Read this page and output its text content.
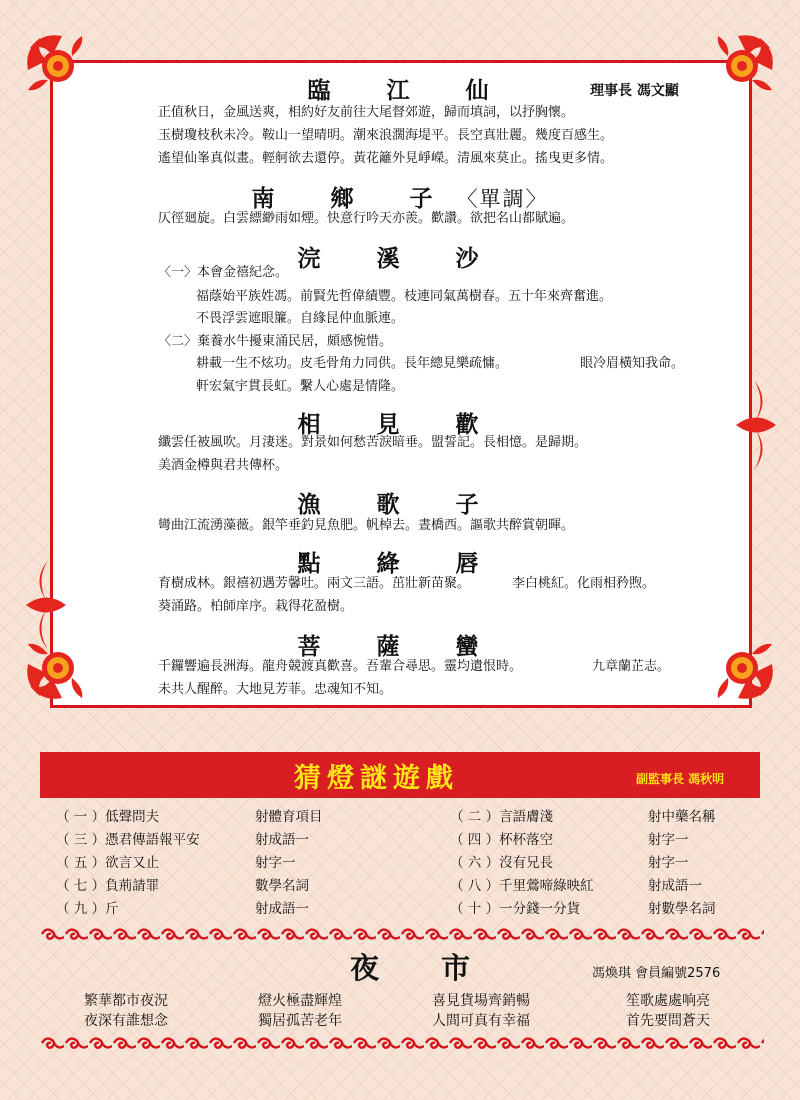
臨 江 仙	理事長 馮文顯
正值秋日，金風送爽，相約好友前往大尾督郊遊，歸而填詞，以抒胸懷。
玉樹瓊枝秋未冷。鞍山一望晴明。潮來浪濶海堤平。長空真壯麗。幾度百感生。
遙望仙峯真似畫。輕舸欲去還停。黃花籬外見崢嶸。清風來莫止。搖曳更多情。
南 鄉 子〈單調〉
仄徑廻旋。白雲縹緲雨如煙。快意行吟天亦羨。歡讚。欲把名山都賦遍。
浣 溪 沙
〈一〉本會金禧紀念。
福蔭始平族姓馮。前賢先哲偉績豐。枝連同氣萬樹春。五十年來齊奮進。
不畏浮雲遮眼簾。自緣昆仲血脈連。
〈二〉棄養水牛擾東涌民居，頗感惋惜。
耕載一生不炫功。皮毛骨角力同供。長年總見樂疏慵。	眼冷眉橫知我命。
軒宏氣宇貫長虹。繫人心處是情隆。
相 見 歡
纖雲任被風吹。月淒迷。對景如何愁苦淚暗垂。盟誓記。長相憶。是歸期。
美酒金樽與君共傳杯。
漁 歌 子
彎曲江流湧藻薇。銀竿垂釣見魚肥。帆棹去。晝橋西。謳歌共醉賞朝暉。
點 絳 唇
育樹成林。銀禧初遇芳馨吐。兩文三語。茁壯新苗聚。	李白桃紅。化雨相矜煦。
葵涌路。柏師庠序。栽得花盈樹。
菩 薩 蠻
千鑼響遍長洲海。龍舟競渡真歡喜。吾輩合尋思。靈均遺恨時。	九章蘭芷志。
未共人醒醉。大地見芳菲。忠魂知不知。
猜燈謎遊戲	副監事長 馮秋明
（ 一 ）低聲問夫	射體育項目	（ 二 ）言語膚淺	射中藥名稱
（ 三 ）憑君傳語報平安	射成語一	（ 四 ）杯杯落空	射字一
（ 五 ）欲言又止	射字一	（ 六 ）沒有兄長	射字一
（ 七 ）負荊請罪	數學名詞	（ 八 ）千里鶯啼綠映紅	射成語一
（ 九 ）斤	射成語一	（ 十 ）一分錢一分貨	射數學名詞
夜 市	馮煥琪 會員編號2576
繁華都市夜況	燈火極盡輝煌	喜見貨場齊銷暢	笙歌處處响亮
夜深有誰想念	獨居孤苦老年	人間可真有幸福	首先要問蒼天
